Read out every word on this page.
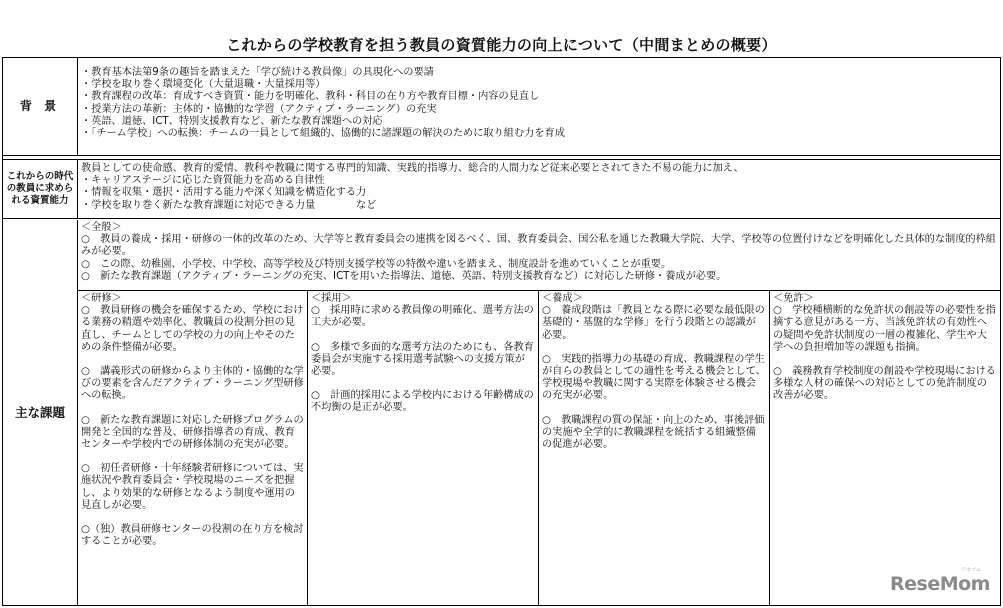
これからの学校教育を担う教員の資質能力の向上について（中間まとめの概要）
背 景
・教育基本法第9条の趣旨を踏まえた「学び続ける教員像」の具現化への要請
・学校を取り巻く環境変化（大量退職・大量採用等）
・教育課程の改革：育成すべき資質・能力を明確化、教科・科目の在り方や教育目標・内容の見直し
・授業方法の革新：主体的・協働的な学習（アクティブ・ラーニング）の充実
・英語、道徳、ICT、特別支援教育など、新たな教育課題への対応
・「チーム学校」への転換：チームの一員として組織的、協働的に諸課題の解決のために取り組む力を育成
これからの時代の教員に求められる資質能力
教員としての使命感、教育的愛情、教科や教職に関する専門的知識、実践的指導力、総合的人間力など従来必要とされてきた不易の能力に加え、
・キャリアステージに応じた資質能力を高める自律性
・情報を収集・選択・活用する能力や深く知識を構造化する力
・学校を取り巻く新たな教育課題に対応できる力量　　　　など
主な課題
＜全般＞
○　教員の養成・採用・研修の一体的改革のため、大学等と教育委員会の連携を図るべく、国、教育委員会、国公私を通じた教職大学院、大学、学校等の位置付けなどを明確化した具体的な制度的枠組みが必要。
○　この際、幼稚園、小学校、中学校、高等学校及び特別支援学校等の特徴や違いを踏まえ、制度設計を進めていくことが重要。
○　新たな教育課題（アクティブ・ラーニングの充実、ICTを用いた指導法、道徳、英語、特別支援教育など）に対応した研修・養成が必要。
＜研修＞
○　教員研修の機会を確保するため、学校における業務の精選や効率化、教職員の役割分担の見直し、チームとしての学校の力の向上やそのための条件整備が必要。
○　講義形式の研修からより主体的・協働的な学びの要素を含んだアクティブ・ラーニング型研修への転換。
○　新たな教育課題に対応した研修プログラムの開発と全国的な普及、研修指導者の育成、教育センターや学校内での研修体制の充実が必要。
○　初任者研修・十年経験者研修については、実施状況や教育委員会・学校現場のニーズを把握し、より効果的な研修となるよう制度や運用の見直しが必要。
○（独）教員研修センターの役割の在り方を検討することが必要。
＜採用＞
○　採用時に求める教員像の明確化、選考方法の工夫が必要。
○　多様で多面的な選考方法のためにも、各教育委員会が実施する採用選考試験への支援方策が必要。
○　計画的採用による学校内における年齢構成の不均衡の是正が必要。
＜養成＞
○　養成段階は「教員となる際に必要な最低限の基礎的・基盤的な学修」を行う段階との認識が必要。
○　実践的指導力の基礎の育成、教職課程の学生が自らの教員としての適性を考える機会として、学校現場や教職に関する実際を体験させる機会の充実が必要。
○　教職課程の質の保証・向上のため、事後評価の実施や全学的に教職課程を統括する組織整備の促進が必要。
＜免許＞
○　学校種横断的な免許状の創設等の必要性を指摘する意見がある一方、当該免許状の有効性への疑問や免許状制度の一層の複雑化、学生や大学への負担増加等の課題も指摘。
○　義務教育学校制度の創設や学校現場における多様な人材の確保への対応としての免許制度の改善が必要。
リセマム
ReseMom
